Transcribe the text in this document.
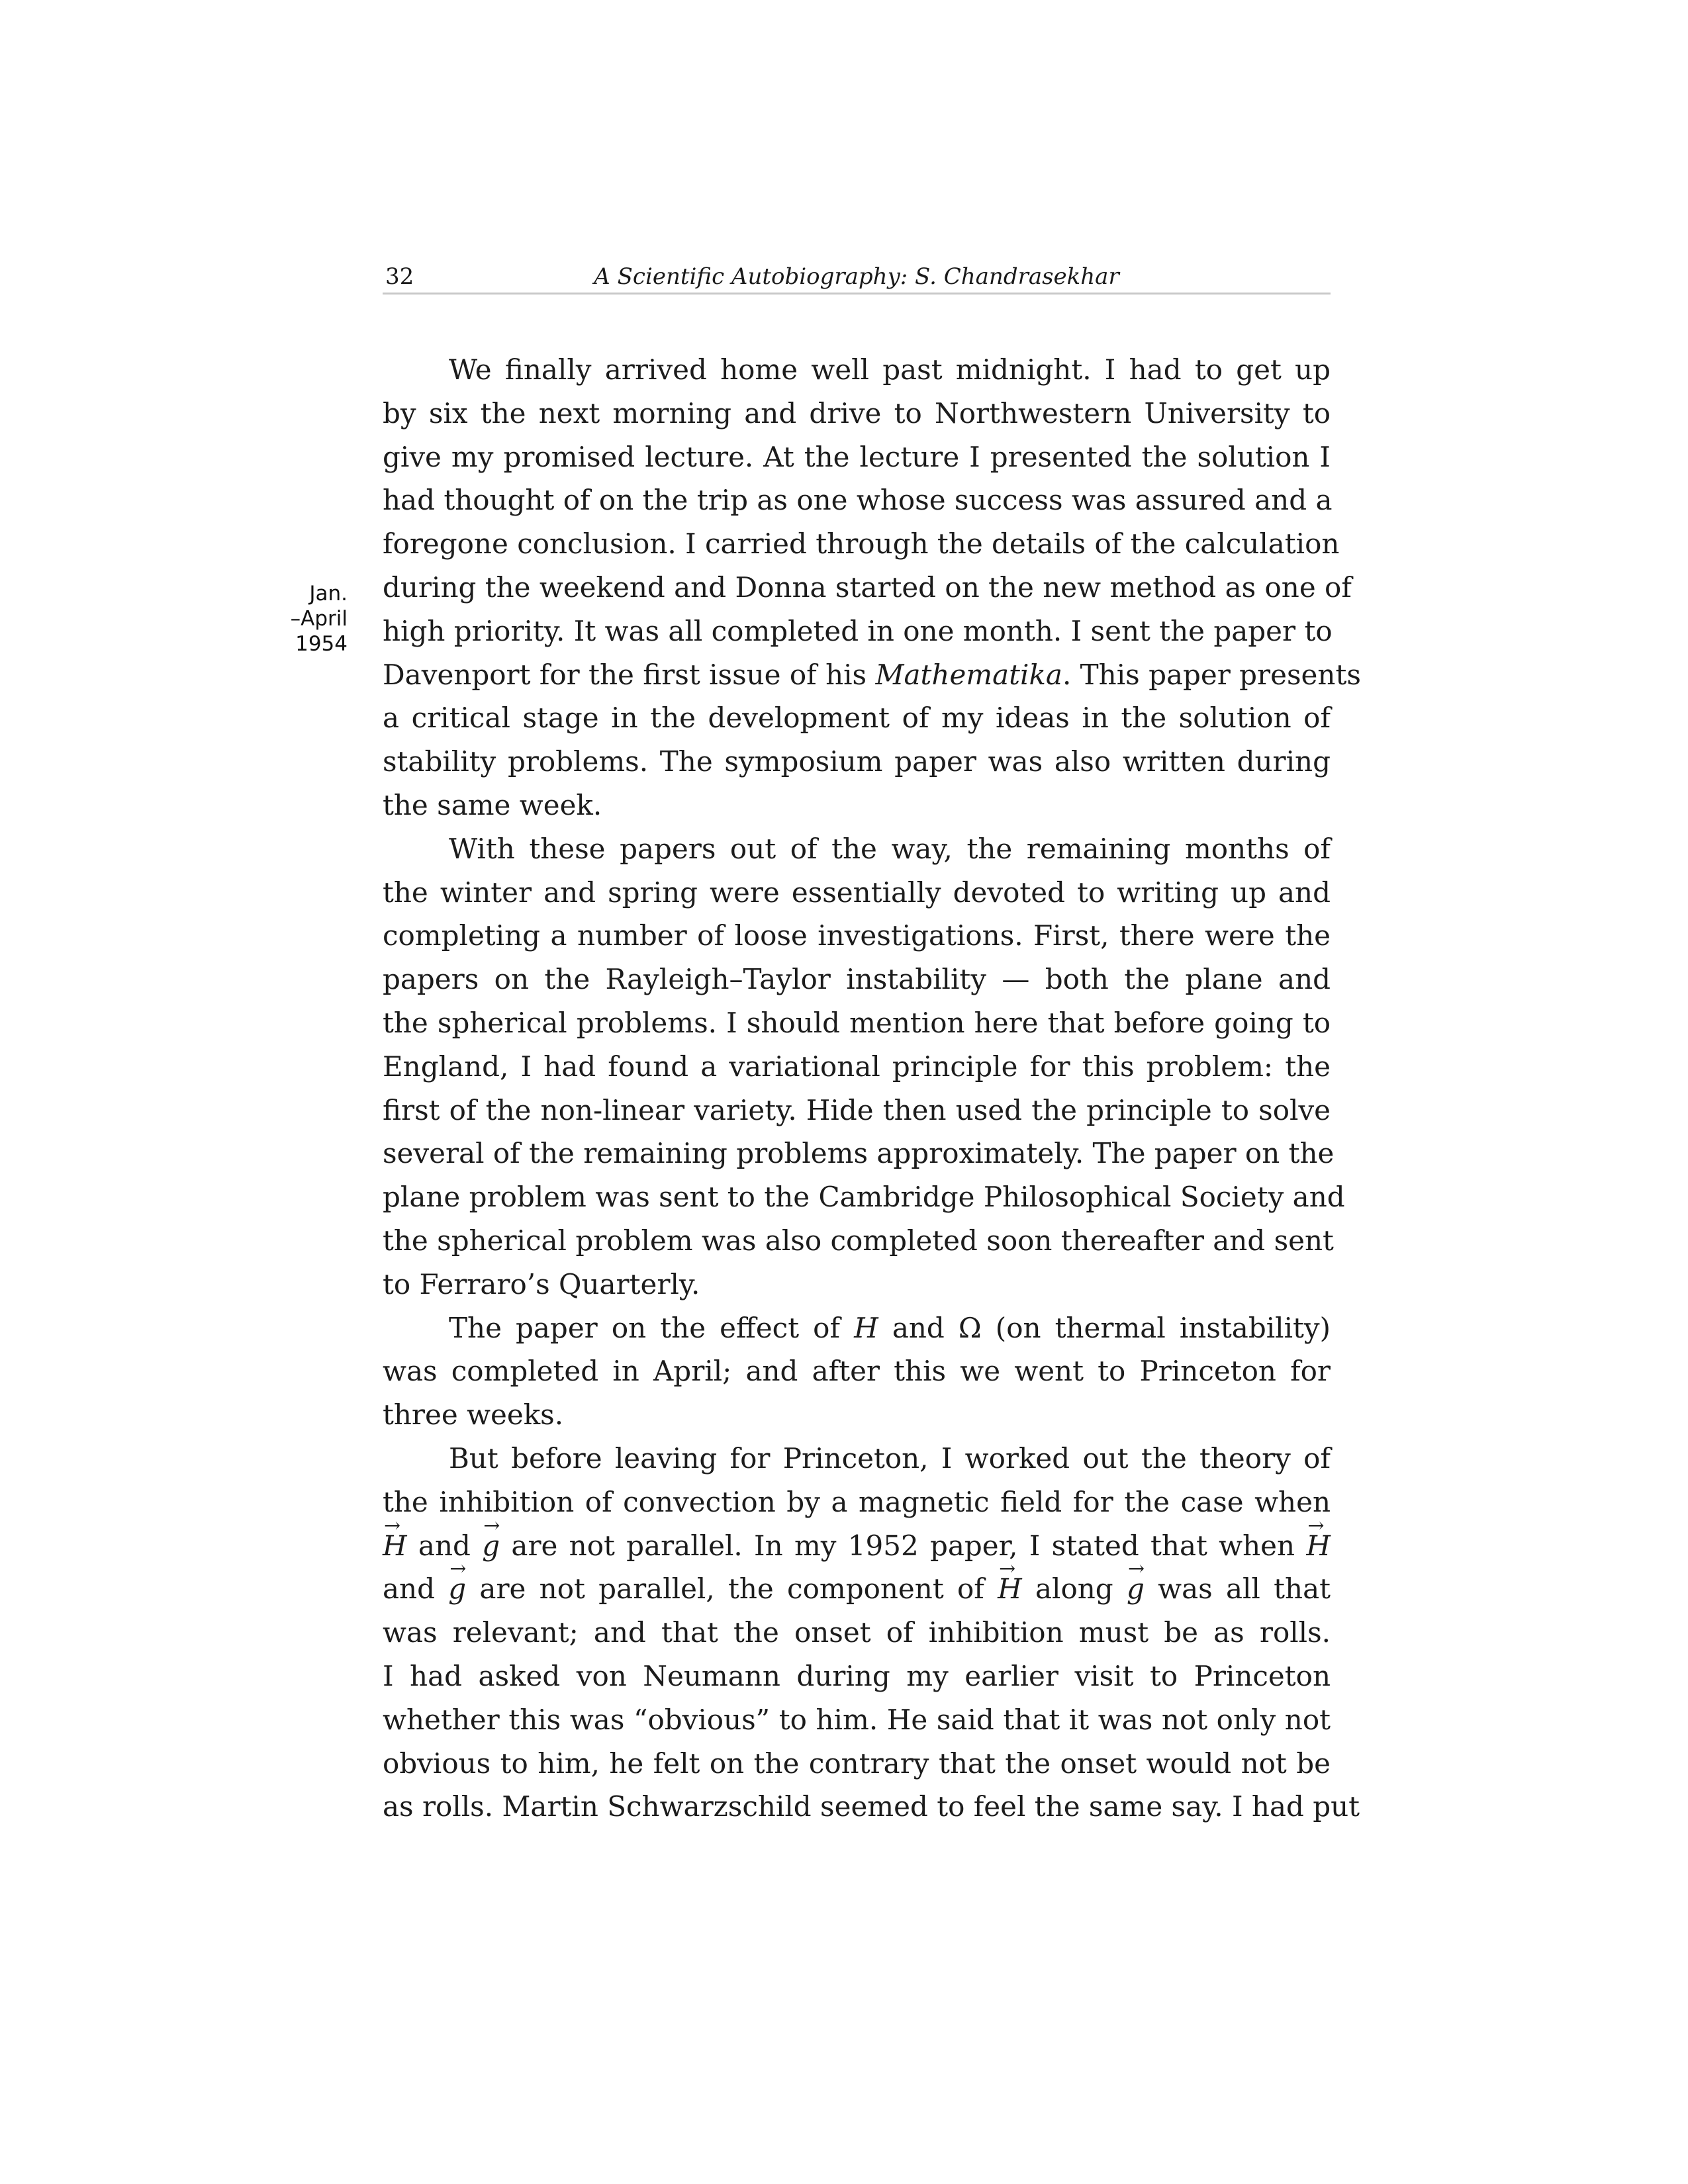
32	A Scientific Autobiography: S. Chandrasekhar
Jan.
–April
1954
We finally arrived home well past midnight. I had to get up
by six the next morning and drive to Northwestern University to
give my promised lecture. At the lecture I presented the solution I
had thought of on the trip as one whose success was assured and a
foregone conclusion. I carried through the details of the calculation
during the weekend and Donna started on the new method as one of
high priority. It was all completed in one month. I sent the paper to
Davenport for the first issue of his Mathematika. This paper presents
a critical stage in the development of my ideas in the solution of
stability problems. The symposium paper was also written during
the same week.
With these papers out of the way, the remaining months of
the winter and spring were essentially devoted to writing up and
completing a number of loose investigations. First, there were the
papers on the Rayleigh–Taylor instability — both the plane and
the spherical problems. I should mention here that before going to
England, I had found a variational principle for this problem: the
first of the non-linear variety. Hide then used the principle to solve
several of the remaining problems approximately. The paper on the
plane problem was sent to the Cambridge Philosophical Society and
the spherical problem was also completed soon thereafter and sent
to Ferraro’s Quarterly.
The paper on the effect of H and Ω (on thermal instability)
was completed in April; and after this we went to Princeton for
three weeks.
But before leaving for Princeton, I worked out the theory of
the inhibition of convection by a magnetic field for the case when
→ H and → g are not parallel. In my 1952 paper, I stated that when → H
and → g are not parallel, the component of → H along → g was all that
was relevant; and that the onset of inhibition must be as rolls.
I had asked von Neumann during my earlier visit to Princeton
whether this was “obvious” to him. He said that it was not only not
obvious to him, he felt on the contrary that the onset would not be
as rolls. Martin Schwarzschild seemed to feel the same say. I had put
